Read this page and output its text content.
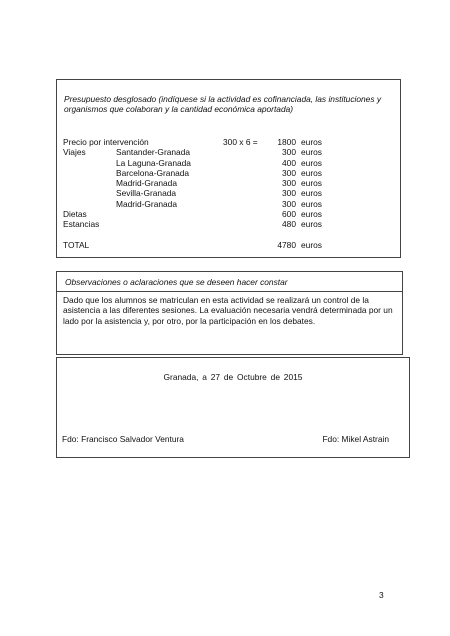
Presupuesto desglosado (indíquese si la actividad es cofinanciada, las instituciones y organismos que colaboran y la cantidad económica aportada)
Precio por intervención	300 x 6 =	1800 euros
Viajes	Santander-Granada	300 euros
La Laguna-Granada	400 euros
Barcelona-Granada	300 euros
Madrid-Granada	300 euros
Sevilla-Granada	300 euros
Madrid-Granada	300 euros
Dietas	600 euros
Estancias	480 euros
TOTAL	4780 euros
Observaciones o aclaraciones que se deseen hacer constar
Dado que los alumnos se matriculan en esta actividad se realizará un control de la asistencia a las diferentes sesiones. La evaluación necesaria vendrá determinada por un lado por la asistencia y, por otro, por la participación en los debates.
Granada, a 27 de Octubre de 2015
Fdo: Francisco Salvador Ventura	Fdo: Mikel Astrain
3
